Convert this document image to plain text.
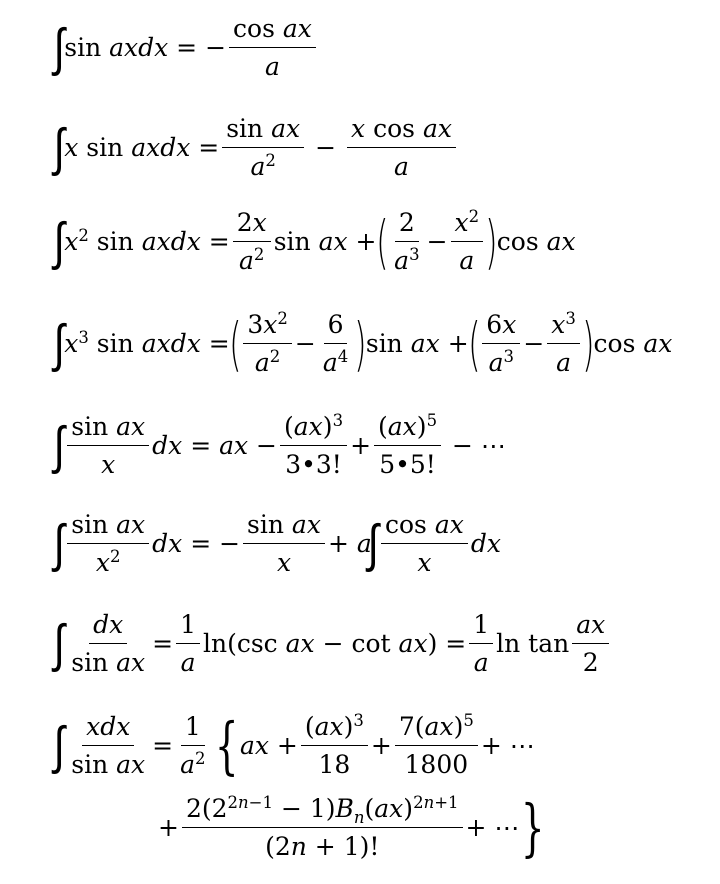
∫ sin axdx = − $\frac{\text{cos ax}}{a}$
∫ x sin axdx = $\frac{\text{sin ax}}{a^2} - \frac{\text{x cos ax}}{a}$
∫ $x^2$ sin axdx = $\frac{2x}{a^2}$ sin ax + ( $\frac{2}{a^3} - \frac{x^2}{a}$ ) cos ax
∫ $x^3$ sin axdx = ( $\frac{3x^2}{a^2} - \frac{6}{a^4}$ ) sin ax + ( $\frac{6x}{a^3} - \frac{x^3}{a}$ ) cos ax
∫ $\frac{\text{sin ax}}{x}$ dx = ax − $\frac{(ax)^3}{3•3!} + \frac{(ax)^5}{5•5!}$ − ⋯
∫ $\frac{\text{sin ax}}{x^2}$ dx = − $\frac{\text{sin ax}}{x} + a$
∫ $\frac{\text{cos ax}}{x}$ dx
∫ $\frac{dx}{\text{sin ax}} = \frac{1}{a} \ln(\csc$ ax − $\cot ax) = \frac{1}{a}$ $\ln \tan \frac{ax}{2}$
∫ $\frac{\text{xdx}}{\text{sin ax}} = \frac{1}{a^2}$ { ax + $\frac{(ax)^3}{18} + \frac{7(ax)^5}{1800}$ + ⋯
+ $\frac{2(2^{2n-1} - 1)B_n(ax)^{2n+1}}{(2n + 1)!}$ + ⋯ }
